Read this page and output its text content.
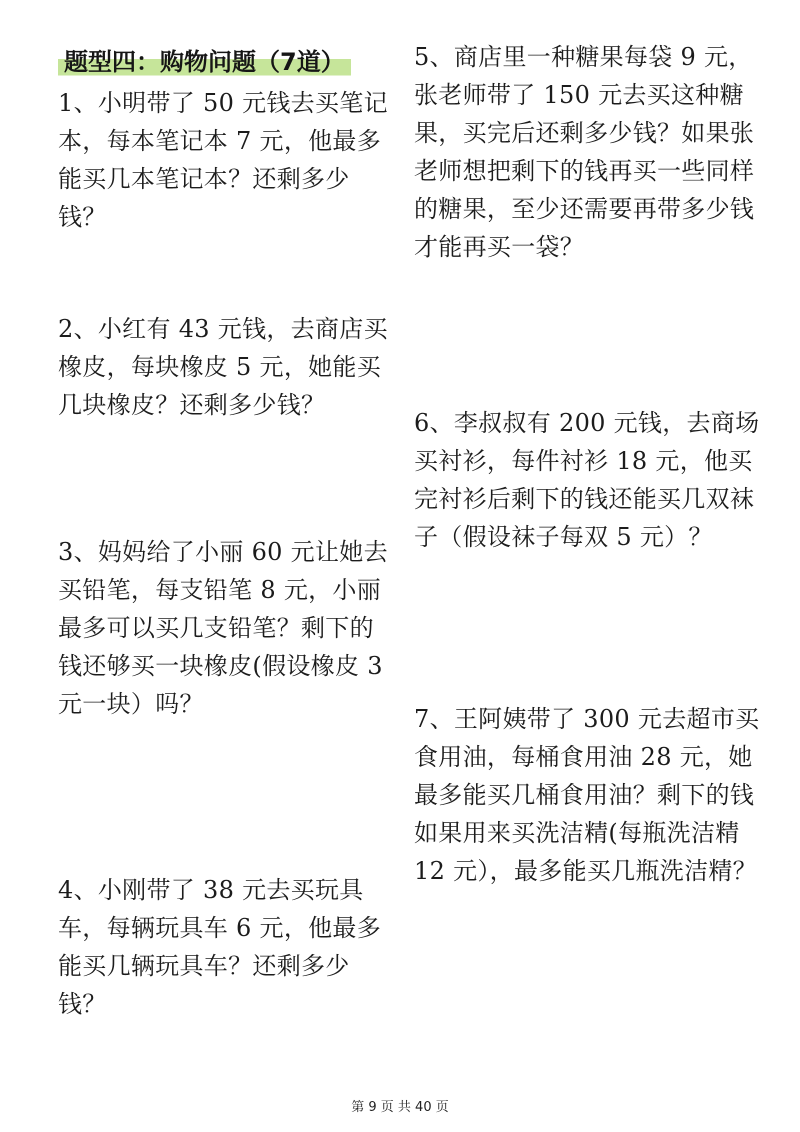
题型四：购物问题（7道）

1、小明带了 50 元钱去买笔记本，每本笔记本 7 元，他最多能买几本笔记本？还剩多少钱？

2、小红有 43 元钱，去商店买橡皮，每块橡皮 5 元，她能买几块橡皮？还剩多少钱？

3、妈妈给了小丽 60 元让她去买铅笔，每支铅笔 8 元，小丽最多可以买几支铅笔？剩下的钱还够买一块橡皮(假设橡皮 3 元一块）吗？

4、小刚带了 38 元去买玩具车，每辆玩具车 6 元，他最多能买几辆玩具车？还剩多少钱？

5、商店里一种糖果每袋 9 元，张老师带了 150 元去买这种糖果，买完后还剩多少钱？如果张老师想把剩下的钱再买一些同样的糖果，至少还需要再带多少钱才能再买一袋？

6、李叔叔有 200 元钱，去商场买衬衫，每件衬衫 18 元，他买完衬衫后剩下的钱还能买几双袜子（假设袜子每双 5 元）？

7、王阿姨带了 300 元去超市买食用油，每桶食用油 28 元，她最多能买几桶食用油？剩下的钱如果用来买洗洁精(每瓶洗洁精 12 元），最多能买几瓶洗洁精？

第 9 页 共 40 页
